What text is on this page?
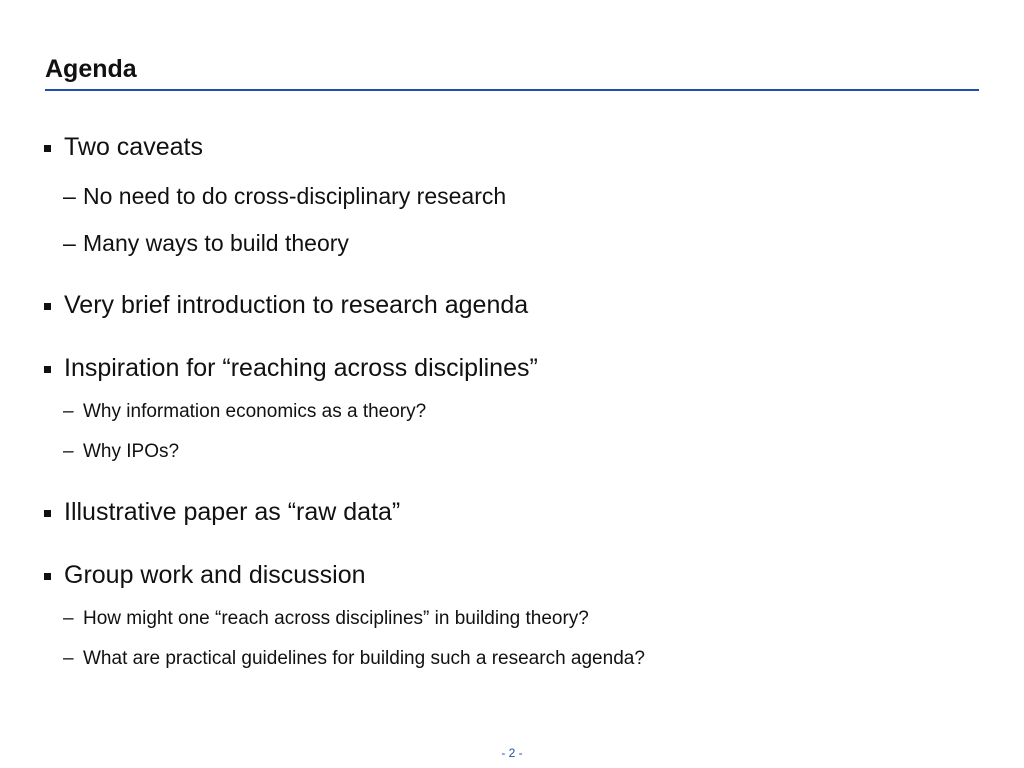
Agenda
Two caveats
– No need to do cross-disciplinary research
– Many ways to build theory
Very brief introduction to research agenda
Inspiration for “reaching across disciplines”
– Why information economics as a theory?
– Why IPOs?
Illustrative paper as “raw data”
Group work and discussion
– How might one “reach across disciplines” in building theory?
– What are practical guidelines for building such a research agenda?
- 2 -
